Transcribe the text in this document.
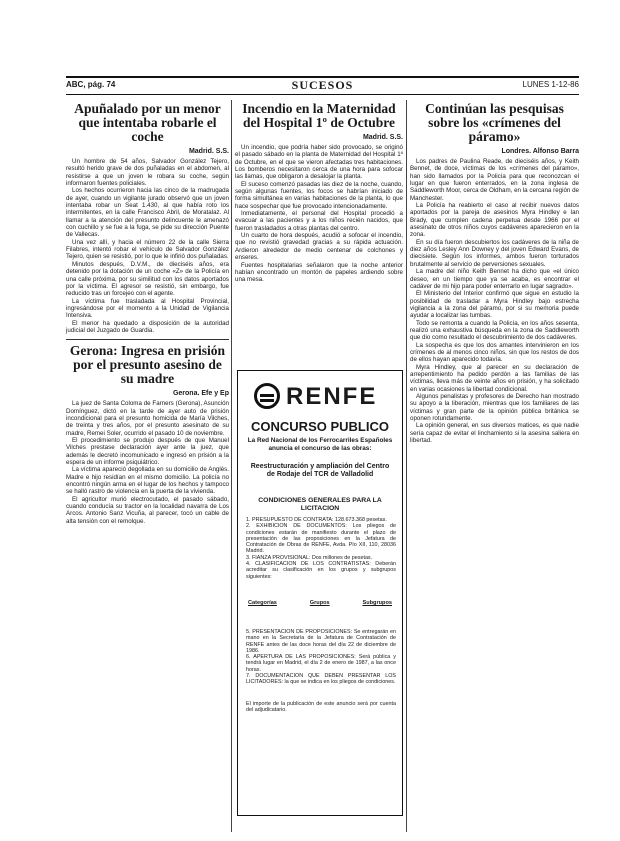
ABC, pág. 74	SUCESOS	LUNES 1-12-86
Apuñalado por un menor que intentaba robarle el coche
Madrid. S.S.

Un hombre de 54 años, Salvador González Tejero, resultó herido grave de dos puñaladas en el abdomen, al resistirse a que un joven le robara su coche, según informaron fuentes policiales.

Los hechos ocurrieron hacia las cinco de la madrugada de ayer, cuando un vigilante jurado observó que un joven intentaba robar un Seat 1.430, al que había roto los intermitentes, en la calle Francisco Abril, de Moratalaz. Al llamar a la atención del presunto delincuente le amenazó con cuchillo y se fue a la fuga, se pide su dirección Puente de Vallecas.

Una vez allí, y hacia el número 22 de la calle Sierra Filabres, intentó robar el vehículo de Salvador González Tejero, quien se resistió, por lo que le infirió dos puñaladas.

Minutos después, D.V.M., de dieciséis años, era detenido por la dotación de un coche «Z» de la Policía en una calle próxima, por su similitud con los datos aportados por la víctima. El agresor se resistió, sin embargo, fue reducido tras un forcejeo con el agente.

La víctima fue trasladada al Hospital Provincial, ingresándose por el momento a la Unidad de Vigilancia Intensiva.

El menor ha quedado a disposición de la autoridad judicial del Juzgado de Guardia.

Gerona: Ingresa en prisión por el presunto asesino de su madre
Gerona. Efe y Ep

La juez de Santa Coloma de Farners (Gerona), Asunción Domínguez, dictó en la tarde de ayer auto de prisión incondicional para el presunto homicida de María Vilches, de treinta y tres años, por el presunto asesinato de su madre, Remei Soler, ocurrido el pasado 10 de noviembre.

El procedimiento se produjo después de que Manuel Vilches prestase declaración ayer ante la juez, que además le decretó incomunicado e ingresó en prisión a la espera de un informe psiquiátrico.

La víctima apareció degollada en su domicilio de Anglès. Madre e hijo residían en el mismo domicilio. La policía no encontró ningún arma en el lugar de los hechos y tampoco se halló rastro de violencia en la puerta de la vivienda.

El agricultor murió electrocutado, el pasado sábado, cuando conducía su tractor en la localidad navarra de Los Arcos. Antonio Sanz Vicuña, al parecer, tocó un cable de alta tensión con el remolque.

Incendio en la Maternidad del Hospital 1º de Octubre
Madrid. S.S.

Un incendio, que podría haber sido provocado, se originó el pasado sábado en la planta de Maternidad del Hospital 1º de Octubre, en el que se vieron afectadas tres habitaciones. Los bomberos necesitaron cerca de una hora para sofocar las llamas, que obligaron a desalojar la planta.

El suceso comenzó pasadas las diez de la noche, cuando, según algunas fuentes, los focos se habrían iniciado de forma simultánea en varias habitaciones de la planta, lo que hace sospechar que fue provocado intencionadamente.

Inmediatamente, el personal del Hospital procedió a evacuar a las pacientes y a los niños recién nacidos, que fueron trasladados a otras plantas del centro.

Un cuarto de hora después, acudió a sofocar el incendio, que no revistió gravedad gracias a su rápida actuación. Ardieron alrededor de medio centenar de colchones y enseres.

Fuentes hospitalarias señalaron que la noche anterior habían encontrado un montón de papeles ardiendo sobre una mesa.

RENFE
CONCURSO PUBLICO
La Red Nacional de los Ferrocarriles Españoles anuncia el concurso de las obras:
Reestructuración y ampliación del Centro de Rodaje del TCR de Valladolid
CONDICIONES GENERALES PARA LA LICITACION

1. PRESUPUESTO DE CONTRATA: 128.673.368 pesetas.

2. EXHIBICION DE DOCUMENTOS: Los pliegos de condiciones estarán de manifiesto durante el plazo de presentación de las proposiciones en la Jefatura de Contratación de Obras de RENFE, Avda. Pío XII, 110, 28036 Madrid.

3. FIANZA PROVISIONAL: Dos millones de pesetas.

4. CLASIFICACION DE LOS CONTRATISTAS: Deberán acreditar su clasificación en los grupos y subgrupos siguientes:

Categorías	Grupos	Subgrupos

5. PRESENTACION DE PROPOSICIONES: Se entregarán en mano en la Secretaría de la Jefatura de Contratación de RENFE antes de las doce horas del día 22 de diciembre de 1986.

6. APERTURA DE LAS PROPOSICIONES: Será pública y tendrá lugar en Madrid, el día 2 de enero de 1987, a las once horas.

7. DOCUMENTACION QUE DEBEN PRESENTAR LOS LICITADORES: la que se indica en los pliegos de condiciones.

El importe de la publicación de este anuncio será por cuenta del adjudicatario.

Continúan las pesquisas sobre los «crímenes del páramo»
Londres. Alfonso Barra

Los padres de Paulina Reade, de dieciséis años, y Keith Bennet, de doce, víctimas de los «crímenes del páramo», han sido llamados por la Policía para que reconozcan el lugar en que fueron enterrados, en la zona inglesa de Saddleworth Moor, cerca de Oldham, en la cercana región de Manchester.

La Policía ha reabierto el caso al recibir nuevos datos aportados por la pareja de asesinos Myra Hindley e Ian Brady, que cumplen cadena perpetua desde 1966 por el asesinato de otros niños cuyos cadáveres aparecieron en la zona.

En su día fueron descubiertos los cadáveres de la niña de diez años Lesley Ann Downey y del joven Edward Evans, de diecisiete. Según los informes, ambos fueron torturados brutalmente al servicio de perversiones sexuales.

La madre del niño Keith Bennet ha dicho que «el único deseo, en un tiempo que ya se acaba, es encontrar el cadáver de mi hijo para poder enterrarlo en lugar sagrado».

El Ministerio del Interior confirmó que sigue en estudio la posibilidad de trasladar a Myra Hindley bajo estrecha vigilancia a la zona del páramo, por si su memoria puede ayudar a localizar las tumbas.

Todo se remonta a cuando la Policía, en los años sesenta, realizó una exhaustiva búsqueda en la zona de Saddleworth que dio como resultado el descubrimiento de dos cadáveres.

La sospecha es que los dos amantes intervinieron en los crímenes de al menos cinco niños, sin que los restos de dos de ellos hayan aparecido todavía.

Myra Hindley, que al parecer en su declaración de arrepentimiento ha pedido perdón a las familias de las víctimas, lleva más de veinte años en prisión, y ha solicitado en varias ocasiones la libertad condicional.

Algunos penalistas y profesores de Derecho han mostrado su apoyo a la liberación, mientras que los familiares de las víctimas y gran parte de la opinión pública británica se oponen rotundamente.

La opinión general, en sus diversos matices, es que nadie sería capaz de evitar el linchamiento si la asesina saliera en libertad.
